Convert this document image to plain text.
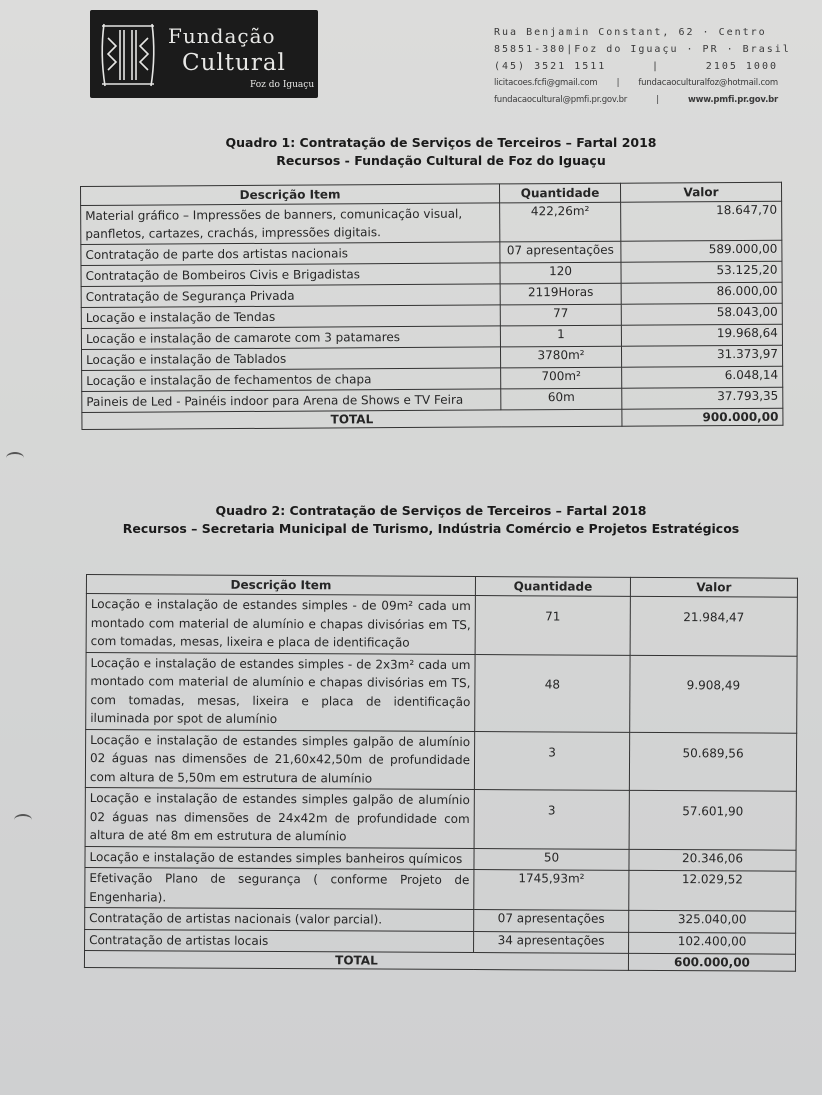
Fundação
Cultural
Foz do Iguaçu
Rua Benjamin Constant, 62 · Centro
85851-380 | Foz do Iguaçu · PR · Brasil
(45) 3521 1511	|	2105 1000
licitacoes.fcfi@gmail.com | fundacaoculturalfoz@hotmail.com
fundacaocultural@pmfi.pr.gov.br	|	www.pmfi.pr.gov.br
Quadro 1: Contratação de Serviços de Terceiros – Fartal 2018
Recursos - Fundação Cultural de Foz do Iguaçu
Descrição Item	Quantidade	Valor
Material gráfico – Impressões de banners, comunicação visual, panfletos, cartazes, crachás, impressões digitais.	422,26m²	18.647,70
Contratação de parte dos artistas nacionais	07 apresentações	589.000,00
Contratação de Bombeiros Civis e Brigadistas	120	53.125,20
Contratação de Segurança Privada	2119Horas	86.000,00
Locação e instalação de Tendas	77	58.043,00
Locação e instalação de camarote com 3 patamares	1	19.968,64
Locação e instalação de Tablados	3780m²	31.373,97
Locação e instalação de fechamentos de chapa	700m²	6.048,14
Paineis de Led - Painéis indoor para Arena de Shows e TV Feira	60m	37.793,35
TOTAL		900.000,00
Quadro 2: Contratação de Serviços de Terceiros – Fartal 2018
Recursos – Secretaria Municipal de Turismo, Indústria Comércio e Projetos Estratégicos
Descrição Item	Quantidade	Valor
Locação e instalação de estandes simples - de 09m² cada um montado com material de alumínio e chapas divisórias em TS, com tomadas, mesas, lixeira e placa de identificação	71	21.984,47
Locação e instalação de estandes simples - de 2x3m² cada um montado com material de alumínio e chapas divisórias em TS, com tomadas, mesas, lixeira e placa de identificação iluminada por spot de alumínio	48	9.908,49
Locação e instalação de estandes simples galpão de alumínio 02 águas nas dimensões de 21,60x42,50m de profundidade com altura de 5,50m em estrutura de alumínio	3	50.689,56
Locação e instalação de estandes simples galpão de alumínio 02 águas nas dimensões de 24x42m de profundidade com altura de até 8m em estrutura de alumínio	3	57.601,90
Locação e instalação de estandes simples banheiros químicos	50	20.346,06
Efetivação Plano de segurança ( conforme Projeto de Engenharia).	1745,93m²	12.029,52
Contratação de artistas nacionais (valor parcial).	07 apresentações	325.040,00
Contratação de artistas locais	34 apresentações	102.400,00
TOTAL		600.000,00
